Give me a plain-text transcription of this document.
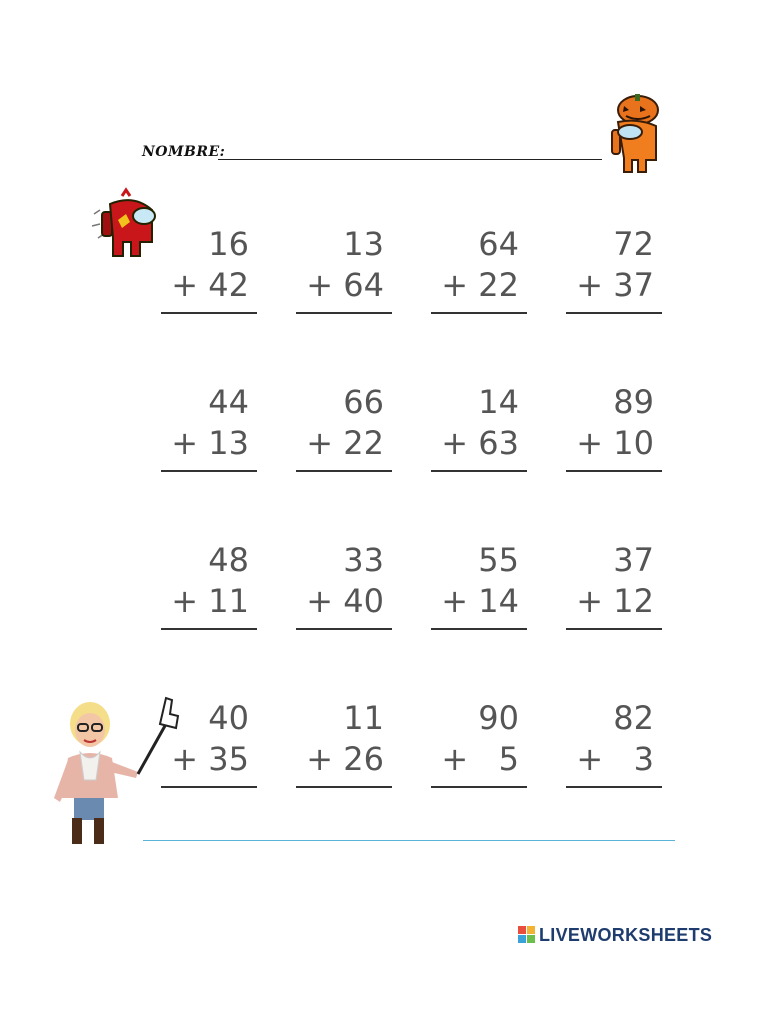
NOMBRE:
16
+ 42
13
+ 64
64
+ 22
72
+ 37
44
+ 13
66
+ 22
14
+ 63
89
+ 10
48
+ 11
33
+ 40
55
+ 14
37
+ 12
40
+ 35
11
+ 26
90
+   5
82
+   3
LIVEWORKSHEETS
